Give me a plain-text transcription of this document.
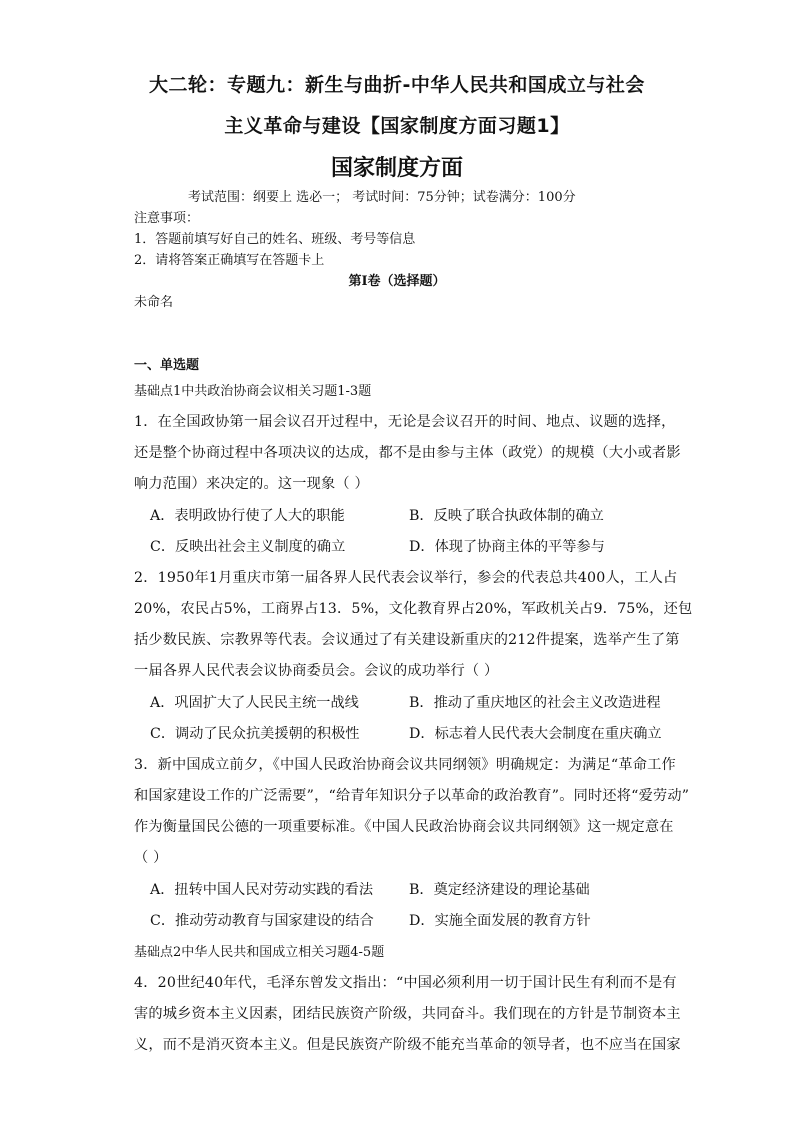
大二轮：专题九：新生与曲折-中华人民共和国成立与社会
主义革命与建设【国家制度方面习题1】
国家制度方面
考试范围：纲要上 选必一； 考试时间：75分钟；试卷满分：100分
注意事项：
1．答题前填写好自己的姓名、班级、考号等信息
2．请将答案正确填写在答题卡上
第I卷（选择题）
未命名
一、单选题
基础点1中共政治协商会议相关习题1-3题
1．在全国政协第一届会议召开过程中，无论是会议召开的时间、地点、议题的选择，
还是整个协商过程中各项决议的达成，都不是由参与主体（政党）的规模（大小或者影
响力范围）来决定的。这一现象（ ）
A．表明政协行使了人大的职能	B．反映了联合执政体制的确立
C．反映出社会主义制度的确立	D．体现了协商主体的平等参与
2．1950年1月重庆市第一届各界人民代表会议举行，参会的代表总共400人，工人占
20%，农民占5%，工商界占13．5%，文化教育界占20%，军政机关占9．75%，还包
括少数民族、宗教界等代表。会议通过了有关建设新重庆的212件提案，选举产生了第
一届各界人民代表会议协商委员会。会议的成功举行（ ）
A．巩固扩大了人民民主统一战线	B．推动了重庆地区的社会主义改造进程
C．调动了民众抗美援朝的积极性	D．标志着人民代表大会制度在重庆确立
3．新中国成立前夕，《中国人民政治协商会议共同纲领》明确规定：为满足“革命工作
和国家建设工作的广泛需要”，“给青年知识分子以革命的政治教育”。同时还将“爱劳动”
作为衡量国民公德的一项重要标准。《中国人民政治协商会议共同纲领》这一规定意在
（ ）
A．扭转中国人民对劳动实践的看法	B．奠定经济建设的理论基础
C．推动劳动教育与国家建设的结合 D．实施全面发展的教育方针
基础点2中华人民共和国成立相关习题4-5题
4．20世纪40年代，毛泽东曾发文指出：“中国必须利用一切于国计民生有利而不是有
害的城乡资本主义因素，团结民族资产阶级，共同奋斗。我们现在的方针是节制资本主
义，而不是消灭资本主义。但是民族资产阶级不能充当革命的领导者，也不应当在国家
